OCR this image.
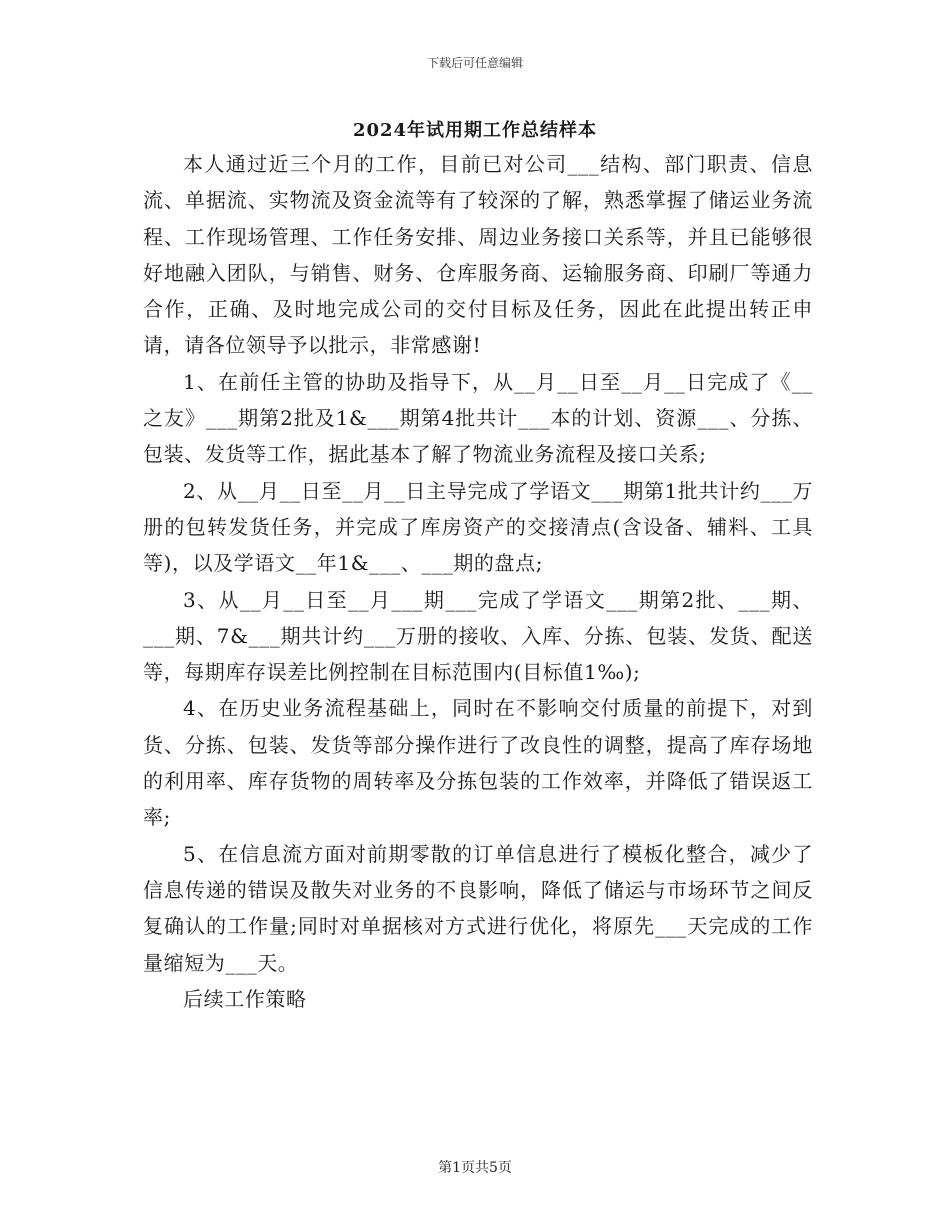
下载后可任意编辑
2024年试用期工作总结样本

本人通过近三个月的工作，目前已对公司___结构、部门职责、信息流、单据流、实物流及资金流等有了较深的了解，熟悉掌握了储运业务流程、工作现场管理、工作任务安排、周边业务接口关系等，并且已能够很好地融入团队，与销售、财务、仓库服务商、运输服务商、印刷厂等通力合作，正确、及时地完成公司的交付目标及任务，因此在此提出转正申请，请各位领导予以批示，非常感谢!

1、在前任主管的协助及指导下，从__月__日至__月__日完成了《__之友》___期第2批及1&___期第4批共计___本的计划、资源___、分拣、包装、发货等工作，据此基本了解了物流业务流程及接口关系;

2、从__月__日至__月__日主导完成了学语文___期第1批共计约___万册的包转发货任务，并完成了库房资产的交接清点(含设备、辅料、工具等)，以及学语文__年1&___、___期的盘点;

3、从__月__日至__月___期___完成了学语文___期第2批、___期、___期、7&___期共计约___万册的接收、入库、分拣、包装、发货、配送等，每期库存误差比例控制在目标范围内(目标值1‰);

4、在历史业务流程基础上，同时在不影响交付质量的前提下，对到货、分拣、包装、发货等部分操作进行了改良性的调整，提高了库存场地的利用率、库存货物的周转率及分拣包装的工作效率，并降低了错误返工率;

5、在信息流方面对前期零散的订单信息进行了模板化整合，减少了信息传递的错误及散失对业务的不良影响，降低了储运与市场环节之间反复确认的工作量;同时对单据核对方式进行优化，将原先___天完成的工作量缩短为___天。

后续工作策略

第1页共5页
